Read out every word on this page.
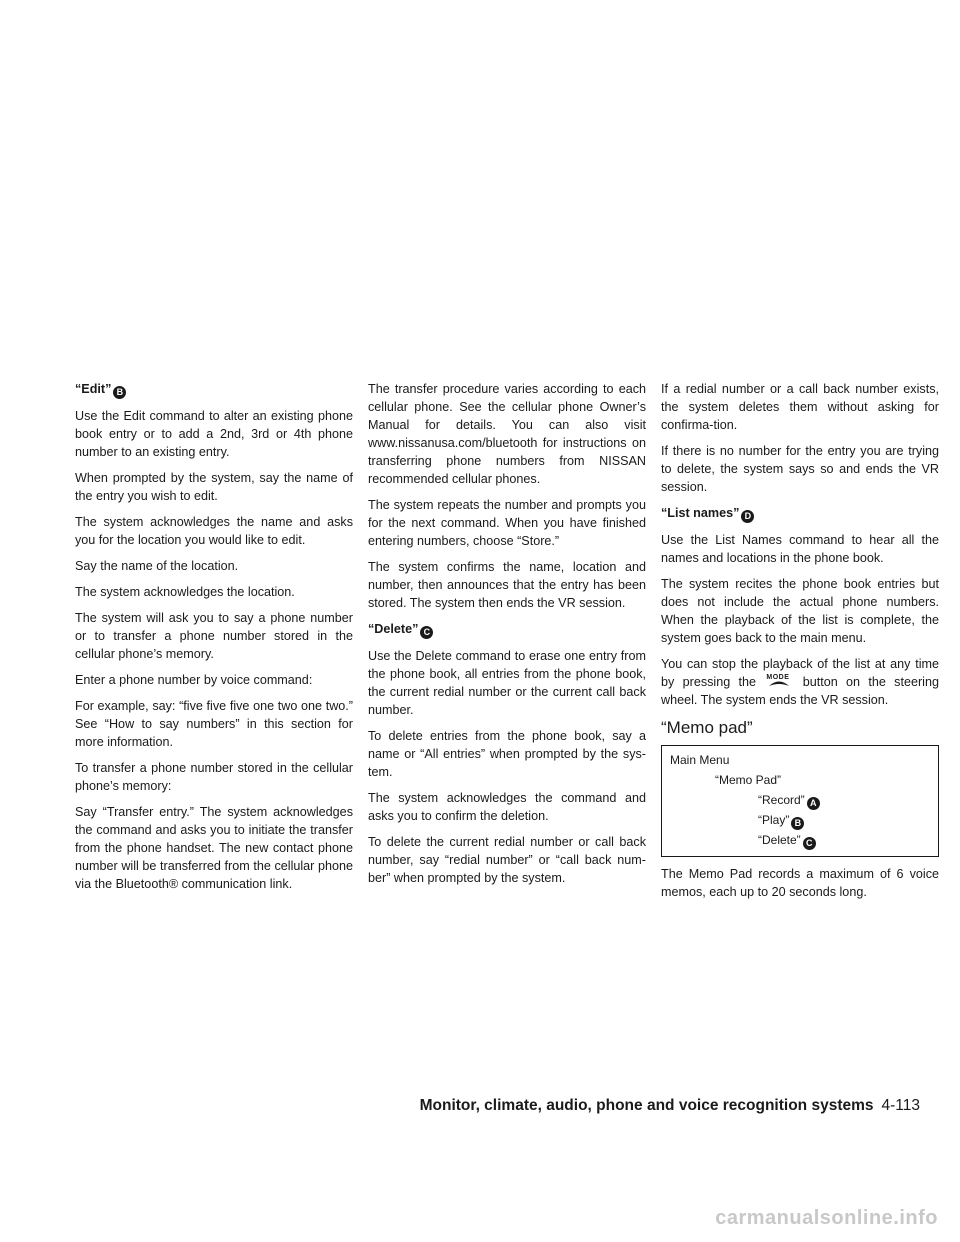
“Edit” B

Use the Edit command to alter an existing phone book entry or to add a 2nd, 3rd or 4th phone number to an existing entry.

When prompted by the system, say the name of the entry you wish to edit.

The system acknowledges the name and asks you for the location you would like to edit.

Say the name of the location.

The system acknowledges the location.

The system will ask you to say a phone number or to transfer a phone number stored in the cellular phone’s memory.

Enter a phone number by voice command:

For example, say: “five five five one two one two.” See “How to say numbers” in this section for more information.

To transfer a phone number stored in the cellular phone’s memory:

Say “Transfer entry.” The system acknowledges the command and asks you to initiate the transfer from the phone handset. The new contact phone number will be transferred from the cellular phone via the Bluetooth® communication link.

The transfer procedure varies according to each cellular phone. See the cellular phone Owner’s Manual for details. You can also visit www.nissanusa.com/bluetooth for instructions on transferring phone numbers from NISSAN recommended cellular phones.

The system repeats the number and prompts you for the next command. When you have finished entering numbers, choose “Store.”

The system confirms the name, location and number, then announces that the entry has been stored. The system then ends the VR session.

“Delete” C

Use the Delete command to erase one entry from the phone book, all entries from the phone book, the current redial number or the current call back number.

To delete entries from the phone book, say a name or “All entries” when prompted by the sys-tem.

The system acknowledges the command and asks you to confirm the deletion.

To delete the current redial number or call back number, say “redial number” or “call back num-ber” when prompted by the system.

If a redial number or a call back number exists, the system deletes them without asking for confirma-tion.

If there is no number for the entry you are trying to delete, the system says so and ends the VR session.

“List names” D

Use the List Names command to hear all the names and locations in the phone book.

The system recites the phone book entries but does not include the actual phone numbers. When the playback of the list is complete, the system goes back to the main menu.

You can stop the playback of the list at any time by pressing the MODE button on the steering wheel. The system ends the VR session.

“Memo pad”
Main Menu
“Memo Pad”
“Record” A
“Play” B
“Delete” C

The Memo Pad records a maximum of 6 voice memos, each up to 20 seconds long.

Monitor, climate, audio, phone and voice recognition systems 4-113
carmanualsonline.info
